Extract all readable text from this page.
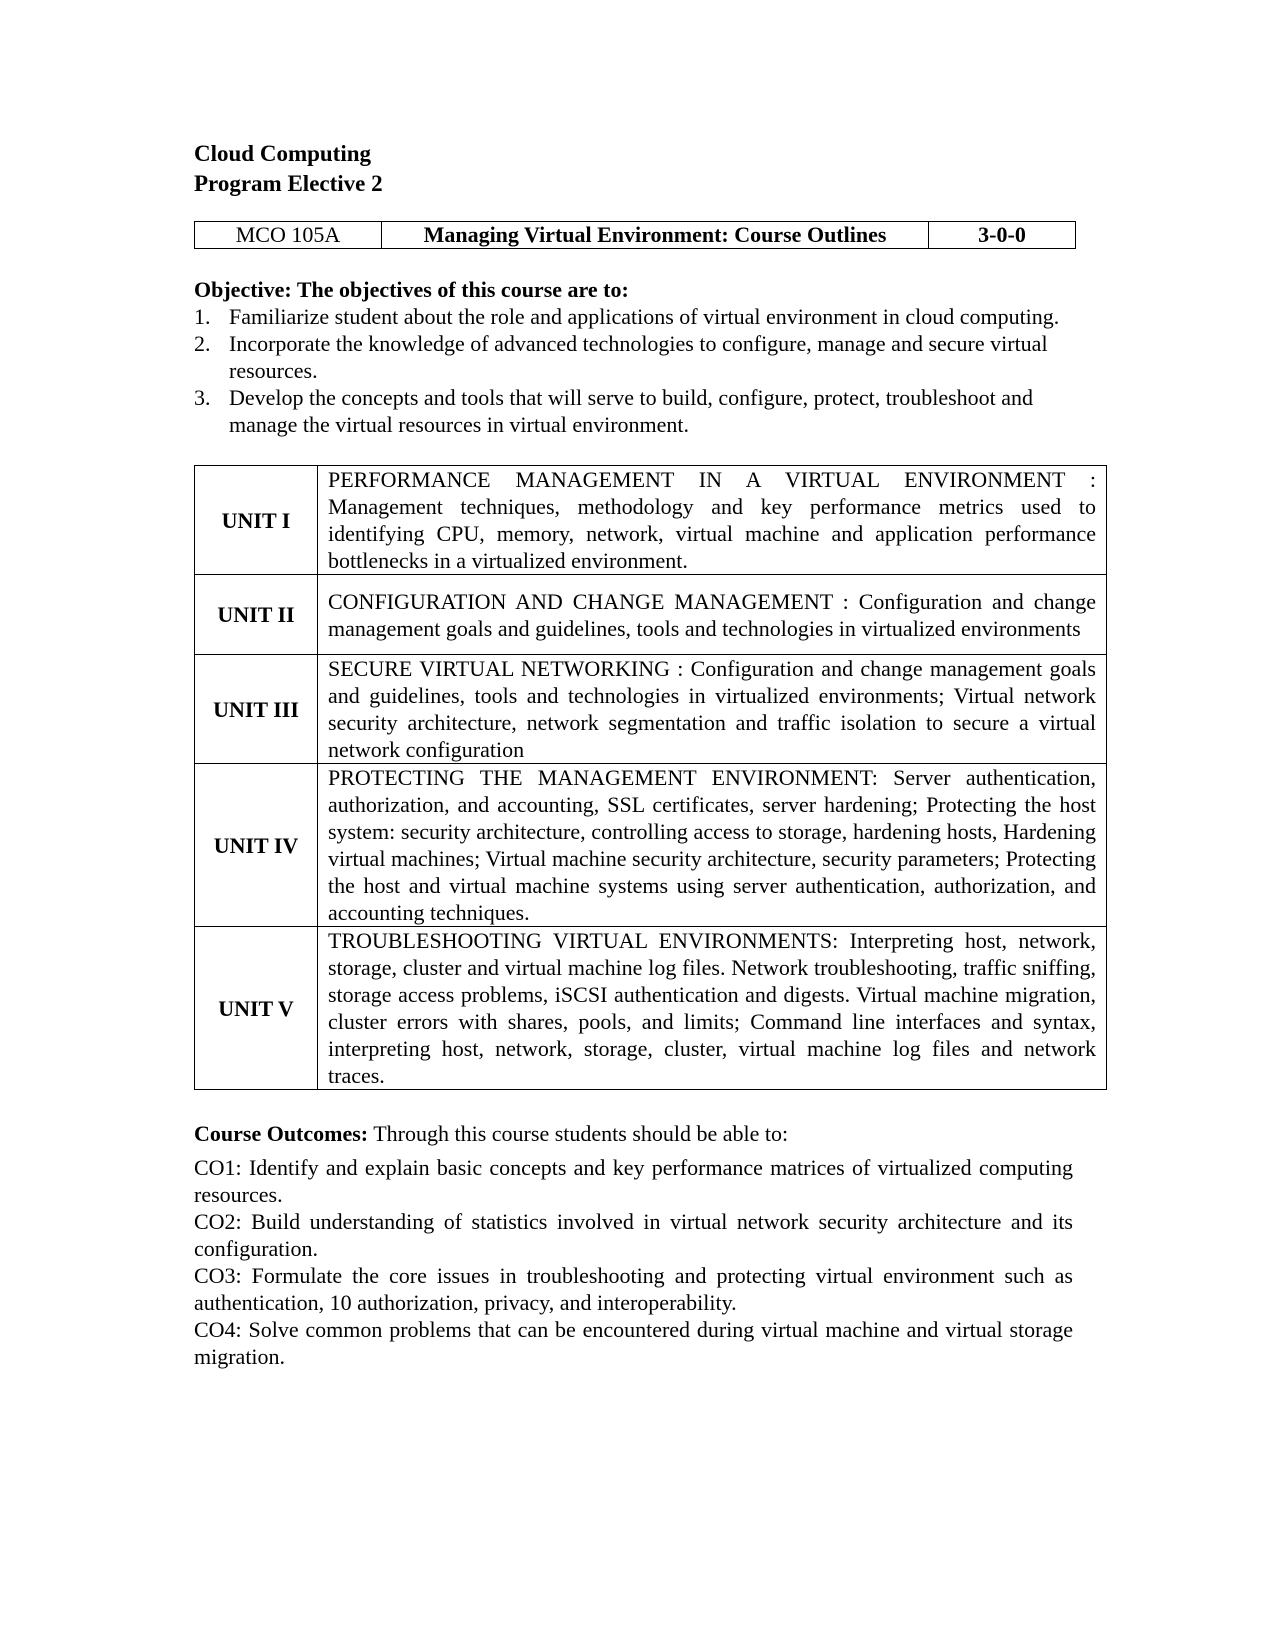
Cloud Computing
Program Elective 2
MCO 105A	Managing Virtual Environment: Course Outlines	3-0-0
Objective: The objectives of this course are to:
1. Familiarize student about the role and applications of virtual environment in cloud computing.
2. Incorporate the knowledge of advanced technologies to configure, manage and secure virtual resources.
3. Develop the concepts and tools that will serve to build, configure, protect, troubleshoot and manage the virtual resources in virtual environment.
UNIT I	PERFORMANCE MANAGEMENT IN A VIRTUAL ENVIRONMENT : Management techniques, methodology and key performance metrics used to identifying CPU, memory, network, virtual machine and application performance bottlenecks in a virtualized environment.
UNIT II	CONFIGURATION AND CHANGE MANAGEMENT : Configuration and change management goals and guidelines, tools and technologies in virtualized environments
UNIT III	SECURE VIRTUAL NETWORKING : Configuration and change management goals and guidelines, tools and technologies in virtualized environments; Virtual network security architecture, network segmentation and traffic isolation to secure a virtual network configuration
UNIT IV	PROTECTING THE MANAGEMENT ENVIRONMENT: Server authentication, authorization, and accounting, SSL certificates, server hardening; Protecting the host system: security architecture, controlling access to storage, hardening hosts, Hardening virtual machines; Virtual machine security architecture, security parameters; Protecting the host and virtual machine systems using server authentication, authorization, and accounting techniques.
UNIT V	TROUBLESHOOTING VIRTUAL ENVIRONMENTS: Interpreting host, network, storage, cluster and virtual machine log files. Network troubleshooting, traffic sniffing, storage access problems, iSCSI authentication and digests. Virtual machine migration, cluster errors with shares, pools, and limits; Command line interfaces and syntax, interpreting host, network, storage, cluster, virtual machine log files and network traces.
Course Outcomes: Through this course students should be able to:

CO1: Identify and explain basic concepts and key performance matrices of virtualized computing resources.

CO2: Build understanding of statistics involved in virtual network security architecture and its configuration.

CO3: Formulate the core issues in troubleshooting and protecting virtual environment such as authentication, 10 authorization, privacy, and interoperability.

CO4: Solve common problems that can be encountered during virtual machine and virtual storage migration.
